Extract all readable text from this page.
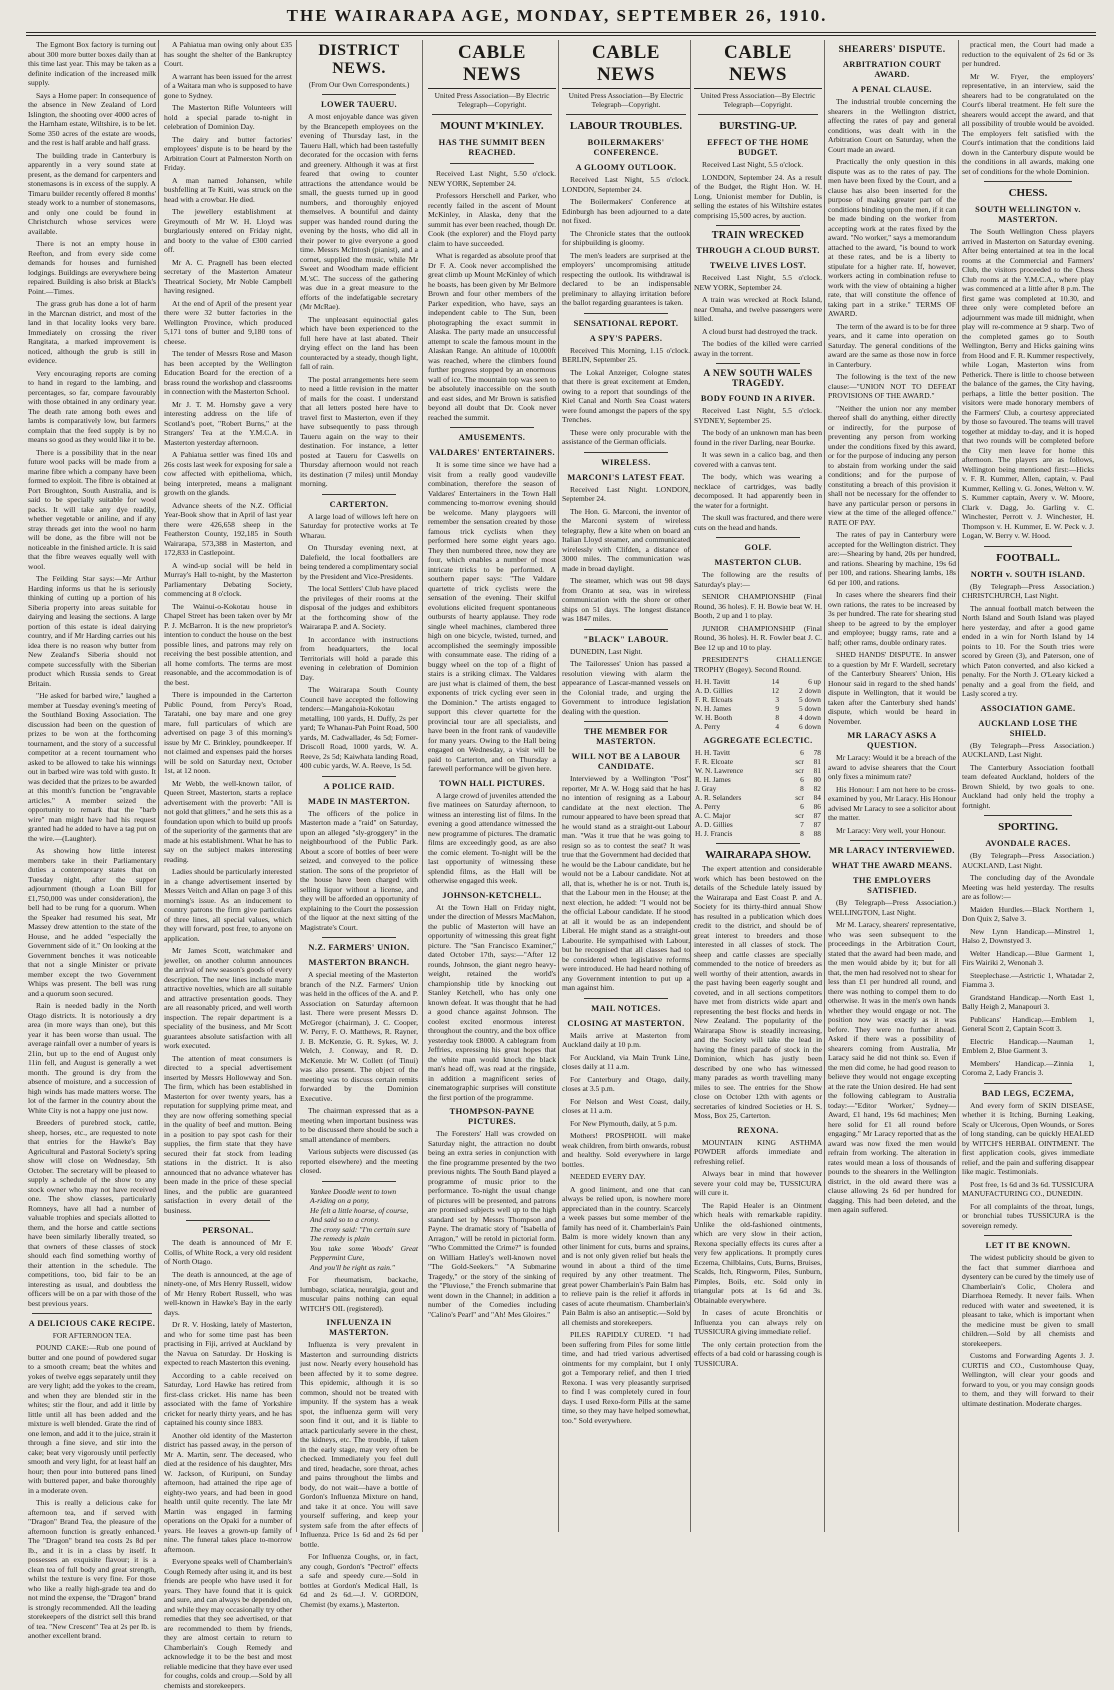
THE WAIRARAPA AGE, MONDAY, SEPTEMBER 26, 1910.

The Egmont Box factory is turning out about 300 more butter boxes daily than at this time last year. This may be taken as a definite indication of the increased milk supply.

Says a Home paper: In consequence of the absence in New Zealand of Lord Islington, the shooting over 4000 acres of the Harnham estate, Wiltshire, is to be let. Some 350 acres of the estate are woods, and the rest is half arable and half grass.

The building trade in Canterbury is apparently in a very sound state at present, as the demand for carpenters and stonemasons is in excess of the supply. A Timaru builder recently offered 8 months' steady work to a number of stonemasons, and only one could be found in Christchurch whose services were available.

There is not an empty house in Reefton, and from every side come demands for houses and furnished lodgings. Buildings are everywhere being repaired. Building is also brisk at Black's Point.—Times.

The grass grub has done a lot of harm in the Marcnan district, and most of the land in that locality looks very bare. Immediately on crossing the river Rangitata, a marked improvement is noticed, although the grub is still in evidence.

Very encouraging reports are coming to hand in regard to the lambing, and percentages, so far, compare favourably with those obtained in any ordinary year. The death rate among both ewes and lambs is comparatively low, but farmers complain that the feed supply is by no means so good as they would like it to be.

There is a possibility that in the near future wool packs will be made from a marine fibre which a company have been formed to exploit. The fibre is obtained at Port Broughton, South Australia, and is said to be specially suitable for wool packs. It will take any dye readily, whether vegetable or aniline, and if any stray threads get into the wool no harm will be done, as the fibre will not be noticeable in the finished article. It is said that the fibre weaves equally well with wool.

The Feilding Star says:—Mr Arthur Harding informs us that he is seriously thinking of cutting up a portion of his Siberia property into areas suitable for dairying and leasing the sections. A large portion of this estate is ideal dairying country, and if Mr Harding carries out his idea there is no reason why butter from New Zealand's Siberia should not compete successfully with the Siberian product which Russia sends to Great Britain.

"He asked for barbed wire," laughed a member at Tuesday evening's meeting of the Southland Boxing Association. The discussion had been on the question of prizes to be won at the forthcoming tournament, and the story of a successful competitor at a recent tournament who asked to be allowed to take his winnings out in barbed wire was told with gusto. It was decided that the prizes to be awarded at this month's function be "engravable articles." A member seized the opportunity to remark that the "barb wire" man might have had his request granted had he added to have a tag put on the wire.—(Laughter).

As showing how little interest members take in their Parliamentary duties a contemporary states that on Tuesday night, after the supper adjournment (though a Loan Bill for £1,750,000 was under consideration), the bell had to be rung for a quorum. When the Speaker had resumed his seat, Mr Massey drew attention to the state of the House, and he added "especially the Government side of it." On looking at the Government benches it was noticeable that not a single Minister or private member except the two Government Whips was present. The bell was rung and a quorum soon secured.

Rain is needed badly in the North Otago districts. It is notoriously a dry area (in more ways than one), but this year it has been worse than usual. The average rainfall over a number of years is 21in, but up to the end of August only 11in fell, and August is generally a wet month. The ground is dry from the absence of moisture, and a succession of high winds has made matters worse. The lot of the farmer in the country about the White City is not a happy one just now.

Breeders of purebred stock, cattle, sheep, horses, etc., are requested to note that entries for the Hawke's Bay Agricultural and Pastoral Society's spring show will close on Wednesday, 5th October. The secretary will be pleased to supply a schedule of the show to any stock owner who may not have received one. The show classes, particularly Romneys, have all had a number of valuable trophies and specials allotted to them, and the horse and cattle sections have been similarly liberally treated, so that owners of these classes of stock should each find something worthy of their attention in the schedule. The competitions, too, bid fair to be an interesting as usual, and doubtless the officers will be on a par with those of the best previous years.

A DELICIOUS CAKE RECIPE.
FOR AFTERNOON TEA.

POUND CAKE:—Rub one pound of butter and one pound of powdered sugar to a smooth cream; beat the whites and yokes of twelve eggs separately until they are very light; add the yokes to the cream, and when they are blended stir in the whites; stir the flour, and add it little by little until all has been added and the mixture is well blended. Grate the rind of one lemon, and add it to the juice, strain it through a fine sieve, and stir into the cake; beat very vigorously until perfectly smooth and very light, for at least half an hour; then pour into buttered pans lined with buttered paper, and bake thoroughly in a moderate oven.

This is really a delicious cake for afternoon tea, and if served with "Dragon" Brand Tea, the pleasure of the afternoon function is greatly enhanced. The "Dragon" brand tea costs 2s 8d per lb., and it is in a class by itself. It possesses an exquisite flavour; it is a clean tea of full body and great strength, whilst the texture is very fine. For those who like a really high-grade tea and do not mind the expense, the "Dragon" brand is strongly recommended. All the leading storekeepers of the district sell this brand of tea. "New Crescent" Tea at 2s per lb. is another excellent brand.

A Pahiatua man owing only about £35 has sought the shelter of the Bankruptcy Court.

A warrant has been issued for the arrest of a Waitara man who is supposed to have gone to Sydney.

The Masterton Rifle Volunteers will hold a special parade to-night in celebration of Dominion Day.

The dairy and butter factories' employees' dispute is to be heard by the Arbitration Court at Palmerston North on Friday.

A man named Johansen, while bushfelling at Te Kuiti, was struck on the head with a crowbar. He died.

The jewellery establishment at Greymouth of Mr W. H. Lloyd was burglariously entered on Friday night, and booty to the value of £300 carried off.

Mr A. C. Pragnell has been elected secretary of the Masterton Amateur Theatrical Society, Mr Noble Campbell having resigned.

At the end of April of the present year there were 32 butter factories in the Wellington Province, which produced 5,171 tons of butter and 9,180 tons of cheese.

The tender of Messrs Rose and Mason has been accepted by the Wellington Education Board for the erection of a brass round the workshop and classrooms in connection with the Masterton School.

Mr J. T. M. Hornsby gave a very interesting address on the life of Scotland's poet, "Robert Burns," at the Strangers' Tea at the Y.M.C.A. in Masterton yesterday afternoon.

A Pahiatua settler was fined 10s and 26s costs last week for exposing for sale a cow affected with epithelioma, which, being interpreted, means a malignant growth on the glands.

Advance sheets of the N.Z. Official Year-Book show that in April of last year there were 426,658 sheep in the Featherston County, 192,185 in South Wairarapa, 573,388 in Masterton, and 172,833 in Castlepoint.

A wind-up social will be held in Murray's Hall to-night, by the Masterton Parliamentary Debating Society, commencing at 8 o'clock.

The Wainui-o-Kokotau house in Chapel Street has been taken over by Mr P. J. McBarron. It is the new proprietor's intention to conduct the house on the best possible lines, and patrons may rely on receiving the best possible attention, and all home comforts. The terms are most reasonable, and the accommodation is of the best.

There is impounded in the Carterton Public Pound, from Percy's Road, Taratahi, one bay mare and one grey mare, full particulars of which are advertised on page 3 of this morning's issue by Mr C. Brinkley, poundkeeper. If not claimed and expenses paid the horses will be sold on Saturday next, October 1st, at 12 noon.

Mr Webb, the well-known tailor, of Queen Street, Masterton, starts a replace advertisement with the proverb: "All is not gold that glitters," and he sets this as a foundation upon which to build up proofs of the superiority of the garments that are made at his establishment. What he has to say on the subject makes interesting reading.

Ladies should be particularly interested in a change advertisement inserted by Messrs Veitch and Allan on page 3 of this morning's issue. As an inducement to country patrons the firm give particulars of three lines, all special values, which they will forward, post free, to anyone on application.

Mr James Scott, watchmaker and jeweller, on another column announces the arrival of new season's goods of every description. The new lines include many attractive novelties, which are all suitable and attractive presentation goods. They are all reasonably priced, and well worth inspection. The repair department is a speciality of the business, and Mr Scott guarantees absolute satisfaction with all work executed.

The attention of meat consumers is directed to a special advertisement inserted by Messrs Hollowway and Son. The firm, which has been established in Masterton for over twenty years, has a reputation for supplying prime meat, and they are now offering something special in the quality of beef and mutton. Being in a position to pay spot cash for their supplies, the firm state that they have secured their fat stock from leading stations in the district. It is also announced that no advance whatever has been made in the price of these special lines, and the public are guaranteed satisfaction in every detail of the business.

PERSONAL.

The death is announced of Mr F. Collis, of White Rock, a very old resident of North Otago.

The death is announced, at the age of ninety-one, of Mrs Henry Russell, widow of Mr Henry Robert Russell, who was well-known in Hawke's Bay in the early days.

Dr R. V. Hosking, lately of Masterton, and who for some time past has been practising in Fiji, arrived at Auckland by the Navua on Saturday. Dr Hosking is expected to reach Masterton this evening.

According to a cable received on Saturday, Lord Hawke has retired from first-class cricket. His name has been associated with the fame of Yorkshire cricket for nearly thirty years, and he has captained his county since 1883.

Another old identity of the Masterton district has passed away, in the person of Mr A. Martin, senr. The deceased, who died at the residence of his daughter, Mrs W. Jackson, of Kuripuni, on Sunday afternoon, had attained the ripe age of eighty-two years, and had been in good health until quite recently. The late Mr Martin was engaged in farming operations on the Opaki for a number of years. He leaves a grown-up family of nine. The funeral takes place to-morrow afternoon.

Everyone speaks well of Chamberlain's Cough Remedy after using it, and its best friends are people who have used it for years. They have found that it is quick and sure, and can always be depended on, and while they may occasionally try other remedies that they see advertised, or that are recommended to them by friends, they are almost certain to return to Chamberlain's Cough Remedy and acknowledge it to be the best and most reliable medicine that they have ever used for coughs, colds and croup.—Sold by all chemists and storekeepers.

DISTRICT NEWS.
(From Our Own Correspondents.)
LOWER TAUERU.

A most enjoyable dance was given by the Brancepeth employees on the evening of Thursday last, in the Taueru Hall, which had been tastefully decorated for the occasion with ferns and greenery. Although it was at first feared that owing to counter attractions the attendance would be small, the guests turned up in good numbers, and thoroughly enjoyed themselves. A bountiful and dainty supper was handed round during the evening by the hosts, who did all in their power to give everyone a good time. Messrs McIntosh (pianist), and a cornet, supplied the music, while Mr Sweet and Woodham made efficient M.'sC. The success of the gathering was due in a great measure to the efforts of the indefatigable secretary (Mr McRae).

The unpleasant equinoctial gales which have been experienced to the full here have at last abated. Their drying effect on the land has been counteracted by a steady, though light, fall of rain.

The postal arrangements here seem to need a little revision in the matter of mails for the coast. I understand that all letters posted here have to travel first to Masterton, even if they have subsequently to pass through Taueru again on the way to their destination. For instance, a letter posted at Taueru for Caswells on Thursday afternoon would not reach its destination (7 miles) until Monday morning.

CARTERTON.

A large load of willows left here on Saturday for protective works at Te Wharau.

On Thursday evening next, at Dalefield, the local footballers are being tendered a complimentary social by the President and Vice-Presidents.

The local Settlers' Club have placed the privileges of their rooms at the disposal of the judges and exhibitors at the forthcoming show of the Wairarapa P. and A. Society.

In accordance with instructions from headquarters, the local Territorials will hold a parade this evening in celebration of Dominion Day.

The Wairarapa South County Council have accepted the following tenders:—Mangahoia-Kokotau metalling, 100 yards, H. Duffy, 2s per yard; Te Whanau-Pah Point Road, 500 yards, M. Cadwallader, 4s 5d; Forner-Driscoll Road, 1000 yards, W. A. Reeve, 2s 5d; Kaiwhata landing Road, 400 cubic yards, W. A. Reeve, 1s 5d.

A POLICE RAID.
MADE IN MASTERTON.

The officers of the police in Masterton made a "raid" on Saturday, upon an alleged "sly-groggery" in the neighbourhood of the Public Park. About a score of bottles of beer were seized, and conveyed to the police station. The sons of the proprietor of the house have been charged with selling liquor without a license, and they will be afforded an opportunity of explaining to the Court the possession of the liquor at the next sitting of the Magistrate's Court.

N.Z. FARMERS' UNION.
MASTERTON BRANCH.

A special meeting of the Masterton branch of the N.Z. Farmers' Union was held in the offices of the A. and P. Association on Saturday afternoon last. There were present Messrs D. McGregor (chairman), J. C. Cooper, W. Perry, F. O. Matthews, R. Rayner, J. B. McKenzie, G. R. Sykes, W. J. Welch, J. Conway, and R. D. McKenzie. Mr W. Collett (of Tinui) was also present. The object of the meeting was to discuss certain remits forwarded by the Dominion Executive.

The chairman expressed that as a meeting when important business was to be discussed there should be such a small attendance of members.

Various subjects were discussed (as reported elsewhere) and the meeting closed.

Yankee Doodle went to town
A-riding on a pony,
He felt a little hoarse, of course,
And said so to a crony.
The crony said: "I'm certain sure
The remedy is plain
You take some Woods' Great Peppermint Cure,
And you'll be right as rain."

For rheumatism, backache, lumbago, sciatica, neuralgia, gout and muscular pains nothing can equal WITCH'S OIL (registered).

INFLUENZA IN MASTERTON.

Influenza is very prevalent in Masterton and surrounding districts just now. Nearly every household has been affected by it to some degree. This epidemic, although it is so common, should not be treated with impunity. If the system has a weak spot, the influenza germ will very soon find it out, and it is liable to attack particularly severe in the chest, the kidneys, etc. The trouble, if taken in the early stage, may very often be checked. Immediately you feel dull and tired, headache, sore throat, aches and pains throughout the limbs and body, do not wait—have a bottle of Gordon's Influenza Mixture on hand, and take it at once. You will save yourself suffering, and keep your system safe from the after effects of Influenza. Price 1s 6d and 2s 6d per bottle.

For Influenza Coughs, or, in fact, any cough, Gordon's "Pectrol" effects a safe and speedy cure.—Sold in bottles at Gordon's Medical Hall, 1s 6d and 2s 6d.—J. V. GORDON, Chemist (by exams.), Masterton.

CABLE NEWS
United Press Association—By Electric Telegraph—Copyright.
MOUNT M'KINLEY.
HAS THE SUMMIT BEEN REACHED.

Received Last Night, 5.50 o'clock. NEW YORK, September 24.

Professors Herschell and Parker, who recently failed in the ascent of Mount McKinley, in Alaska, deny that the summit has ever been reached, though Dr. Cook (the explorer) and the Floyd party claim to have succeeded.

What is regarded as absolute proof that Dr F. A. Cook never accomplished the great climb up Mount McKinley of which he boasts, has been given by Mr Belmore Brown and four other members of the Parker expedition, who have, says an independent cable to The Sun, been photographing the exact summit in Alaska. The party made an unsuccessful attempt to scale the famous mount in the Alaskan Range. An altitude of 10,000ft was reached, where the climbers found further progress stopped by an enormous wall of ice. The mountain top was seen to be absolutely inaccessible on the south and east sides, and Mr Brown is satisfied beyond all doubt that Dr. Cook never reached the summit.

AMUSEMENTS.
VALDARES' ENTERTAINERS.

It is some time since we have had a visit from a really good vaudeville combination, therefore the season of Valdares' Entertainers in the Town Hall commencing to-morrow evening should be welcome. Many playgoers will remember the sensation created by those famous trick cyclists when they performed here some eight years ago. They then numbered three, now they are four, which enables a number of most intricate tricks to be performed. A southern paper says: "The Valdare quartette of trick cyclists were the sensation of the evening. Their skilful evolutions elicited frequent spontaneous outbursts of hearty applause. They rode single wheel machines, clambered three high on one bicycle, twisted, turned, and accomplished the seemingly impossible with consummate ease. The riding of a buggy wheel on the top of a flight of stairs is a striking climax. The Valdares are just what is claimed of them, the best exponents of trick cycling ever seen in the Dominion." The artists engaged to support this clever quartette for the provincial tour are all specialists, and have been in the front rank of vaudeville for many years. Owing to the Hall being engaged on Wednesday, a visit will be paid to Carterton, and on Thursday a farewell performance will be given here.

TOWN HALL PICTURES.

A large crowd of juveniles attended the five matinees on Saturday afternoon, to witness an interesting list of films. In the evening a good attendance witnessed the new programme of pictures. The dramatic films are exceedingly good, as are also the comic element. To-night will be the last opportunity of witnessing these splendid films, as the Hall will be otherwise engaged this week.

JOHNSON-KETCHELL.

At the Town Hall on Friday night, under the direction of Messrs MacMahon, the public of Masterton will have an opportunity of witnessing this great fight picture. The "San Francisco Examiner," dated October 17th, says:—"After 12 rounds, Johnson, the giant negro heavy-weight, retained the world's championship title by knocking out Stanley Ketchell, who has only one known defeat. It was thought that he had a good chance against Johnson. The coolest excited enormous interest throughout the country, and the box office yesterday took £8000. A cablegram from Jeffries, expressing his great hopes that the white man would knock the black man's head off, was read at the ringside, in addition a magnificent series of cinematographic surprises will constitute the first portion of the programme.

THOMPSON-PAYNE PICTURES.

The Foresters' Hall was crowded on Saturday night, the attraction no doubt being an extra series in conjunction with the fine programme presented by the two previous nights. The South Band played a programme of music prior to the performance. To-night the usual change of pictures will be presented, and patrons are promised subjects well up to the high standard set by Messrs Thompson and Payne. The dramatic story of "Isabella of Arragon," will be retold in pictorial form. "Who Committed the Crime?" is founded on William Hatley's well-known novel "The Gold-Seekers." "A Submarine Tragedy," or the story of the sinking of the "Pluviose," the French submarine that went down in the Channel; in addition a number of the Comedies including "Calino's Pearl" and "Ah! Mes Gloires."

CABLE NEWS
United Press Association—By Electric Telegraph—Copyright.
LABOUR TROUBLES.
BOILERMAKERS' CONFERENCE.
A GLOOMY OUTLOOK.

Received Last Night, 5.5 o'clock. LONDON, September 24.

The Boilermakers' Conference at Edinburgh has been adjourned to a date not fixed.

The Chronicle states that the outlook for shipbuilding is gloomy.

The men's leaders are surprised at the employers' uncompromising attitude respecting the outlook. Its withdrawal is declared to be an indispensable preliminary to allaying irritation before the ballot regarding guarantees is taken.

SENSATIONAL REPORT.
A SPY'S PAPERS.

Received This Morning, 1.15 o'clock. BERLIN, September 25.

The Lokal Anzeiger, Cologne states that there is great excitement at Emden, owing to a report that soundings of the Kiel Canal and North Sea Coast waters were found amongst the papers of the spy Trenches.

These were only procurable with the assistance of the German officials.

WIRELESS.
MARCONI'S LATEST FEAT.

Received Last Night. LONDON, September 24.

The Hon. G. Marconi, the inventor of the Marconi system of wireless telegraphy, flew a kite when on board an Italian Lloyd steamer, and communicated wirelessly with Clifden, a distance of 3000 miles. The communication was made in broad daylight.

The steamer, which was out 98 days from Oranto at sea, was in wireless communication with the shore or other ships on 51 days. The longest distance was 1847 miles.

"BLACK" LABOUR.

DUNEDIN, Last Night.

The Tailoresses' Union has passed a resolution viewing with alarm the appearance of Lascar-manned vessels on the Colonial trade, and urging the Government to introduce legislation dealing with the question.

THE MEMBER FOR MASTERTON.
WILL NOT BE A LABOUR CANDIDATE.

Interviewed by a Wellington "Post" reporter, Mr A. W. Hogg said that he has no intention of resigning as a Labour candidate at the next election. The rumour appeared to have been spread that he would stand as a straight-out Labour man. "Was it true that he was going to resign so as to contest the seat? It was true that the Government had decided that he would be the Labour candidate, but he would not be a Labour candidate. Not at all, that is, whether he is or not. Truth is, that the Labour men in the House; at the next election, he added: "I would not be the official Labour candidate. If he stood at all it would be as an independent Liberal. He might stand as a straight-out Labourite. He sympathised with Labour, but he recognised that all classes had to be considered when legislative reforms were introduced. He had heard nothing of any Government intention to put up a man against him.

MAIL NOTICES.
CLOSING AT MASTERTON.

Mails arrive at Masterton from Auckland daily at 10 p.m.

For Auckland, via Main Trunk Line, closes daily at 11 a.m.

For Canterbury and Otago, daily, closes at 3.5 p.m.

For Nelson and West Coast, daily, closes at 11 a.m.

For New Plymouth, daily, at 5 p.m.

Mothers! PROSPHOIL will make weak children, from birth onwards, robust and healthy. Sold everywhere in large bottles.

NEEDED EVERY DAY.

A good liniment, and one that can always be relied upon, is nowhere more appreciated than in the country. Scarcely a week passes but some member of the family has need of it. Chamberlain's Pain Balm is more widely known than any other liniment for cuts, burns and sprains, and is not only given relief but heals the wound in about a third of the time required by any other treatment. The great power Chamberlain's Pain Balm has to relieve pain is the relief it affords in cases of acute rheumatism. Chamberlain's Pain Balm is also an antiseptic.—Sold by all chemists and storekeepers.

PILES RAPIDLY CURED. "I had been suffering from Piles for some little time, and had tried various advertised ointments for my complaint, but I only got a Temporary relief, and then I tried Rexona. I was very pleasantly surprised to find I was completely cured in four days. I used Rexo-form Pills at the same time, so they may have helped somewhat, too." Sold everywhere.

CABLE NEWS
United Press Association—By Electric Telegraph—Copyright.
BURSTING-UP.
EFFECT OF THE HOME BUDGET.

Received Last Night, 5.5 o'clock.

LONDON, September 24. As a result of the Budget, the Right Hon. W. H. Long, Unionist member for Dublin, is selling the estates of his Wiltshire estates comprising 15,500 acres, by auction.

TRAIN WRECKED
THROUGH A CLOUD BURST.
TWELVE LIVES LOST.

Received Last Night, 5.5 o'clock. NEW YORK, September 24.

A train was wrecked at Rock Island, near Omaha, and twelve passengers were killed.

A cloud burst had destroyed the track.

The bodies of the killed were carried away in the torrent.

A NEW SOUTH WALES TRAGEDY.
BODY FOUND IN A RIVER.

Received Last Night, 5.5 o'clock. SYDNEY, September 25.

The body of an unknown man has been found in the river Darling, near Bourke.

It was sewn in a calico bag, and then covered with a canvas tent.

The body, which was wearing a necklace of cartridges, was badly decomposed. It had apparently been in the water for a fortnight.

The skull was fractured, and there were cuts on the head and hands.

GOLF.
MASTERTON CLUB.

The following are the results of Saturday's play:—

SENIOR CHAMPIONSHIP (Final Round, 36 holes). F. H. Bowie beat W. H. Booth, 2 up and 1 to play.

JUNIOR CHAMPIONSHIP (Final Round, 36 holes). H. R. Fowler beat J. C. Bee 12 up and 10 to play.

PRESIDENT'S CHALLENGE TROPHY (Bogey). Second Round.

H. H. Tavitt	14	6 up
A. D. Gillies	12	2 down
F. R. Elcoats	3	5 down
N. H. James	9	5 down
W. H. Booth	8	4 down
A. Perry	4	6 down
AGGREGATE ECLECTIC.
H. H. Tavitt	6	78
F. R. Elcoate	scr	81
W. N. Lawrence	scr	81
R. H. James	6	80
J. Gray	8	82
A. R. Selanders	scr	84
A. Perry	6	86
A. C. Major	scr	87
A. D. Gillies	7	87
H. J. Francis	8	88
WAIRARAPA SHOW.

The expert attention and considerable work which has been bestowed on the details of the Schedule lately issued by the Wairarapa and East Coast P. and A. Society for its thirty-third annual Show has resulted in a publication which does credit to the district, and should be of great interest to breeders and those interested in all classes of stock. The sheep and cattle classes are specially commended to the notice of breeders as well worthy of their attention, awards in the past having been eagerly sought and coveted, and in all sections competitors have met from districts wide apart and representing the best flocks and herds in New Zealand. The popularity of the Wairarapa Show is steadily increasing, and the Society will take the lead in having the finest parade of stock in the Dominion, which has justly been described by one who has witnessed many parades as worth travelling many miles to see. The entries for the Show close on October 12th with agents or secretaries of kindred Societies or H. S. Moss, Box 25, Carterton.

REXONA.

MOUNTAIN KING ASTHMA POWDER affords immediate and refreshing relief.

Always bear in mind that however severe your cold may be, TUSSICURA will cure it.

The Rapid Healer is an Ointment which heals with remarkable rapidity. Unlike the old-fashioned ointments, which are very slow in their action, Rexona specially effects its cures after a very few applications. It promptly cures Eczema, Chilblains, Cuts, Burns, Bruises, Scalds, Itch, Ringworm, Piles, Sunburn, Pimples, Boils, etc. Sold only in triangular pots at 1s 6d and 3s. Obtainable everywhere.

In cases of acute Bronchitis or Influenza you can always rely on TUSSICURA giving immediate relief.

The only certain protection from the effects of a bad cold or harassing cough is TUSSICURA.

SHEARERS' DISPUTE.
ARBITRATION COURT AWARD.
A PENAL CLAUSE.

The industrial trouble concerning the shearers in the Wellington district, affecting the rates of pay and general conditions, was dealt with in the Arbitration Court on Saturday, when the Court made an award.

Practically the only question in this dispute was as to the rates of pay. The men have been fixed by the Court, and a clause has also been inserted for the purpose of making greater part of the conditions binding upon the men, if it can be made binding on the worker from accepting work at the rates fixed by the award. "No worker," says a memorandum attached to the award, "is bound to work at these rates, and be is a liberty to stipulate for a higher rate. If, however, workers acting in combination refuse to work with the view of obtaining a higher rate, that will constitute the offence of taking part in a strike." TERMS OF AWARD.

The term of the award is to be for three years, and it came into operation on Saturday. The general conditions of the award are the same as those now in force in Canterbury.

The following is the text of the new clause:—"UNION NOT TO DEFEAT PROVISIONS OF THE AWARD."

"Neither the union nor any member thereof shall do anything, either directly or indirectly, for the purpose of preventing any person from working under the conditions fixed by this award, or for the purpose of inducing any person to abstain from working under the said conditions; and for the purpose of constituting a breach of this provision it shall not be necessary for the offender to have any particular person or persons in view at the time of the alleged offence." RATE OF PAY.

The rates of pay in Canterbury were accepted for the Wellington district. They are:—Shearing by hand, 20s per hundred, and rations. Shearing by machine, 19s 6d per 100, and rations. Shearing lambs, 18s 6d per 100, and rations.

In cases where the shearers find their own rations, the rates to be increased by 3s per hundred. The rate for shearing stud sheep to be agreed to by the employer and employee; buggy rams, rate and a half; other rams, double ordinary rates.

SHED HANDS' DISPUTE. In answer to a question by Mr F. Wardell, secretary of the Canterbury Shearers' Union, His Honour said in regard to the shed hands' dispute in Wellington, that it would be taken after the Canterbury shed hands' dispute, which would be heard in November.

MR LARACY ASKS A QUESTION.

Mr Laracy: Would it be a breach of the award to advise shearers that the Court only fixes a minimum rate?

His Honour: I am not here to be cross-examined by you, Mr Laracy. His Honour advised Mr Laracy to see a solicitor about the matter.

Mr Laracy: Very well, your Honour.

MR LARACY INTERVIEWED.
WHAT THE AWARD MEANS.
THE EMPLOYERS SATISFIED.

(By Telegraph—Press Association.) WELLINGTON, Last Night.

Mr M. Laracy, shearers' representative, who was seen subsequent to the proceedings in the Arbitration Court, stated that the award had been made, and the men would abide by it; but for all that, the men had resolved not to shear for less than £1 per hundred all round, and there was nothing to compel them to do otherwise. It was in the men's own hands whether they would engage or not. The position now was exactly as it was before. They were no further ahead. Asked if there was a possibility of shearers coming from Australia, Mr Laracy said he did not think so. Even if the men did come, he had good reason to believe they would not engage excepting at the rate the Union desired. He had sent the following cablegram to Australia today:—"Editor 'Worker,' Sydney—Award, £1 hand, 19s 6d machines; Men here solid for £1 all round before engaging." Mr Laracy reported that as the award was now fixed the men would refrain from working. The alteration in rates would mean a loss of thousands of pounds to the shearers in the Wellington district, in the old award there was a clause allowing 2s 6d per hundred for dagging. This had been deleted, and the men again suffered.

practical men, the Court had made a reduction to the equivalent of 2s 6d or 3s per hundred.

Mr W. Fryer, the employers' representative, in an interview, said the shearers had to be congratulated on the Court's liberal treatment. He felt sure the shearers would accept the award, and that all possibility of trouble would be avoided. The employers felt satisfied with the Court's intimation that the conditions laid down in the Canterbury dispute would be the conditions in all awards, making one set of conditions for the whole Dominion.

CHESS.
SOUTH WELLINGTON v. MASTERTON.

The South Wellington Chess players arrived in Masterton on Saturday evening. After being entertained at tea in the local rooms at the Commercial and Farmers' Club, the visitors proceeded to the Chess Club rooms at the Y.M.C.A., where play was commenced at a little after 8 p.m. The first game was completed at 10.30, and three only were completed before an adjournment was made till midnight, when play will re-commence at 9 sharp. Two of the completed games go to South Wellington, Berry and Hicks gaining wins from Hood and F. R. Kummer respectively, while Logan, Masterton wins from Petherick. There is little to choose between the balance of the games, the City having, perhaps, a little the better position. The visitors were made honorary members of the Farmers' Club, a courtesy appreciated by those so favoured. The teams will travel together at midday to-day, and it is hoped that two rounds will be completed before the City men leave for home this afternoon. The players are as follows, Wellington being mentioned first:—Hicks v. F. R. Kummer, Allen, captain, v. Paul Kummer, Kelling v. G. Jones, Welton v. W. S. Kummer captain, Avery v. W. Moore, Clark v. Dagg, Jo. Garling v. C. Winchester, Perrott v. J. Winchester, H. Thompson v. H. Kummer, E. W. Peck v. J. Logan, W. Berry v. W. Hood.

FOOTBALL.
NORTH v. SOUTH ISLAND.

(By Telegraph—Press Association.) CHRISTCHURCH, Last Night.

The annual football match between the North Island and South Island was played here yesterday, and after a good game ended in a win for North Island by 14 points to 10. For the South tries were scored by Green (3), and Paterson, one of which Paton converted, and also kicked a penalty. For the North J. O'Leary kicked a penalty and a goal from the field, and Lasly scored a try.

ASSOCIATION GAME.
AUCKLAND LOSE THE SHIELD.

(By Telegraph—Press Association.) AUCKLAND, Last Night.

The Canterbury Association football team defeated Auckland, holders of the Brown Shield, by two goals to one. Auckland had only held the trophy a fortnight.

SPORTING.
AVONDALE RACES.

(By Telegraph—Press Association.) AUCKLAND, Last Night.

The concluding day of the Avondale Meeting was held yesterday. The results are as follow:—

Maiden Hurdles.—Black Northern 1, Don Quix 2, Salve 3.

New Lynn Handicap.—Minstrel 1, Halso 2, Downstyed 3.

Welter Handicap.—Blue Garment 1, Firs Wairiki 2, Wenonah 3.

Steeplechase.—Astrictic 1, Whatadar 2, Fiamma 3.

Grandstand Handicap.—North East 1, Bally Heigh 2, Manapouri 3.

Publicans' Handicap.—Emblem 1, General Scott 2, Captain Scott 3.

Electric Handicap.—Nauman 1, Emblem 2, Blue Garment 3.

Members' Handicap.—Zinnia 1, Coroma 2, Lady Francis 3.

BAD LEGS, ECZEMA,

And every form of SKIN DISEASE, whether it is Itching, Burning Leaking, Scaly or Ulcerous, Open Wounds, or Sores of long standing, can be quickly HEALED by WITCH'S HERBAL OINTMENT. The first application cools, gives immediate relief, and the pain and suffering disappear like magic. Testimonials.

Post free, 1s 6d and 3s 6d. TUSSICURA MANUFACTURING CO., DUNEDIN.

For all complaints of the throat, lungs, or bronchial tubes TUSSICURA is the sovereign remedy.

LET IT BE KNOWN.

The widest publicity should be given to the fact that summer diarrhoea and dysentery can be cured by the timely use of Chamberlain's Colic, Cholera and Diarrhoea Remedy. It never fails. When reduced with water and sweetened, it is pleasant to take, which is important when the medicine must be given to small children.—Sold by all chemists and storekeepers.

Customs and Forwarding Agents J. J. CURTIS and CO., Customhouse Quay, Wellington, will clear your goods and forward to you, or you may consign goods to them, and they will forward to their ultimate destination. Moderate charges.
